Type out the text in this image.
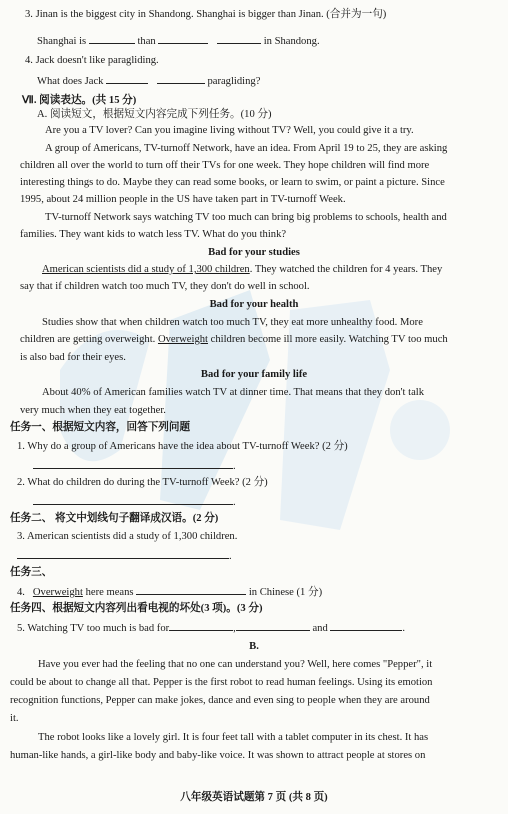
3. Jinan is the biggest city in Shandong. Shanghai is bigger than Jinan. (合并为一句)
Shanghai is	than	in Shandong.
4. Jack doesn't like paragliding.
What does Jack	paragliding?
Ⅶ. 阅读表达。(共 15 分)
A. 阅读短文，根据短文内容完成下列任务。(10 分)
Are you a TV lover? Can you imagine living without TV? Well, you could give it a try.
A group of Americans, TV-turnoff Network, have an idea. From April 19 to 25, they are asking
children all over the world to turn off their TVs for one week. They hope children will find more
interesting things to do. Maybe they can read some books, or learn to swim, or paint a picture. Since
1995, about 24 million people in the US have taken part in TV-turnoff Week.
TV-turnoff Network says watching TV too much can bring big problems to schools, health and
families. They want kids to watch less TV. What do you think?
Bad for your studies
American scientists did a study of 1,300 children. They watched the children for 4 years. They
say that if children watch too much TV, they don't do well in school.
Bad for your health
Studies show that when children watch too much TV, they eat more unhealthy food. More
children are getting overweight. Overweight children become ill more easily. Watching TV too much
is also bad for their eyes.
Bad for your family life
About 40% of American families watch TV at dinner time. That means that they don't talk
very much when they eat together.
任务一、根据短文内容，回答下列问题
1. Why do a group of Americans have the idea about TV-turnoff Week? (2 分)
.
2. What do children do during the TV-turnoff Week? (2 分)
.
任务二、 将文中划线句子翻译成汉语。(2 分)
3. American scientists did a study of 1,300 children.
.
任务三、
4. Overweight here means	in Chinese (1 分)
任务四、根据短文内容列出看电视的坏处(3 项)。(3 分)
5. Watching TV too much is bad for	,	and	.
B.
Have you ever had the feeling that no one can understand you? Well, here comes "Pepper", it
could be about to change all that. Pepper is the first robot to read human feelings. Using its emotion
recognition functions, Pepper can make jokes, dance and even sing to people when they are around
it.
The robot looks like a lovely girl. It is four feet tall with a tablet computer in its chest. It has
human-like hands, a girl-like body and baby-like voice. It was shown to attract people at stores on
八年级英语试题第 7 页 (共 8 页)
